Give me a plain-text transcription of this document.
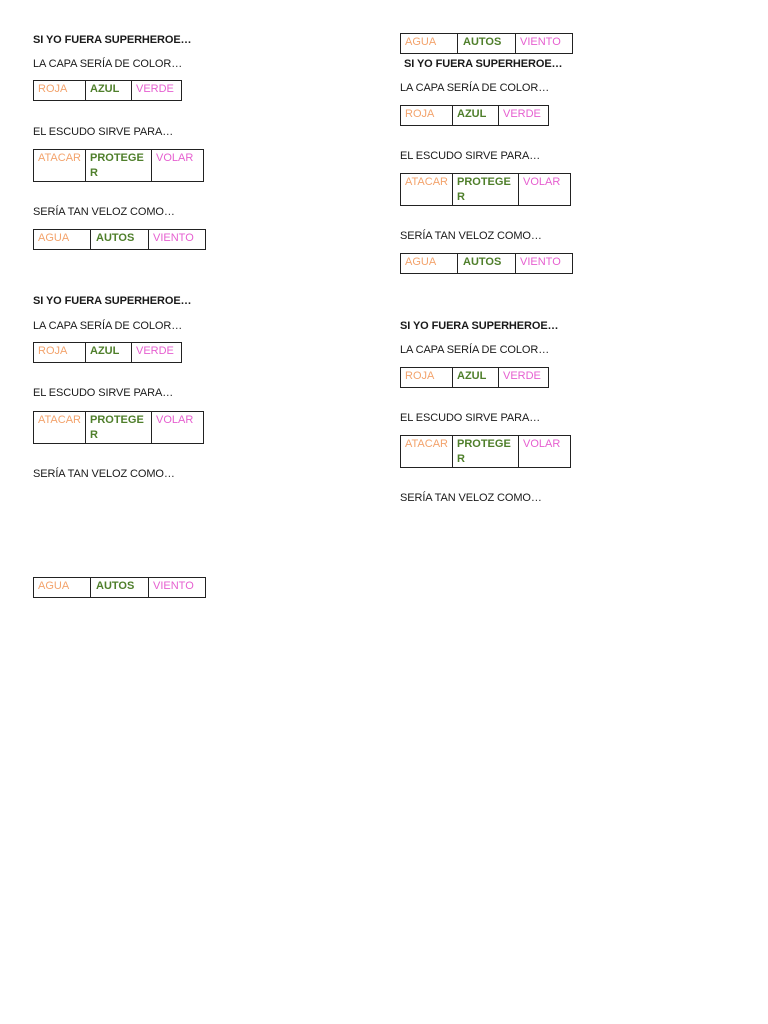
SI YO FUERA SUPERHEROE…
LA CAPA SERÍA DE COLOR…
ROJA	AZUL	VERDE
EL ESCUDO SIRVE PARA…
ATACAR	PROTEGER	VOLAR
SERÍA TAN VELOZ COMO…
AGUA	AUTOS	VIENTO
SI YO FUERA SUPERHEROE…
LA CAPA SERÍA DE COLOR…
ROJA	AZUL	VERDE
EL ESCUDO SIRVE PARA…
ATACAR	PROTEGER	VOLAR
SERÍA TAN VELOZ COMO…
AGUA	AUTOS	VIENTO
AGUA	AUTOS	VIENTO
SI YO FUERA SUPERHEROE…
LA CAPA SERÍA DE COLOR…
ROJA	AZUL	VERDE
EL ESCUDO SIRVE PARA…
ATACAR	PROTEGER	VOLAR
SERÍA TAN VELOZ COMO…
AGUA	AUTOS	VIENTO
SI YO FUERA SUPERHEROE…
LA CAPA SERÍA DE COLOR…
ROJA	AZUL	VERDE
EL ESCUDO SIRVE PARA…
ATACAR	PROTEGER	VOLAR
SERÍA TAN VELOZ COMO…
